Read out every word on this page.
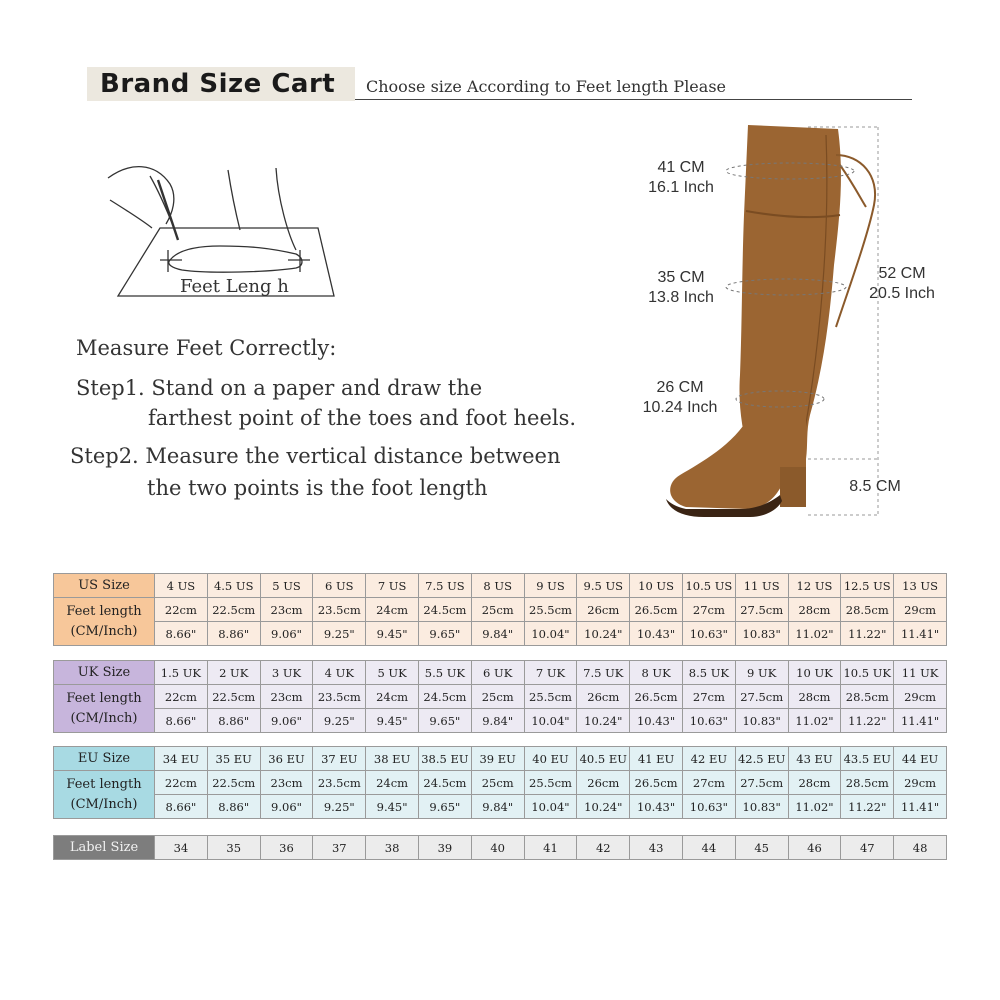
Brand Size Cart Choose size According to Feet length Please
Feet Leng h
Measure Feet Correctly:
Step1. Stand on a paper and draw the
farthest point of the toes and foot heels.
Step2. Measure the vertical distance between
the two points is the foot length
41 CM
16.1 Inch
35 CM
13.8 Inch
26 CM
10.24 Inch
52 CM
20.5 Inch
8.5 CM
US Size	4 US	4.5 US	5 US	6 US	7 US	7.5 US	8 US	9 US	9.5 US	10 US	10.5 US	11 US	12 US	12.5 US	13 US
Feet length
(CM/Inch)	22cm	22.5cm	23cm	23.5cm	24cm	24.5cm	25cm	25.5cm	26cm	26.5cm	27cm	27.5cm	28cm	28.5cm	29cm
	8.66"	8.86"	9.06"	9.25"	9.45"	9.65"	9.84"	10.04"	10.24"	10.43"	10.63"	10.83"	11.02"	11.22"	11.41"
UK Size	1.5 UK	2 UK	3 UK	4 UK	5 UK	5.5 UK	6 UK	7 UK	7.5 UK	8 UK	8.5 UK	9 UK	10 UK	10.5 UK	11 UK
Feet length
(CM/Inch)	22cm	22.5cm	23cm	23.5cm	24cm	24.5cm	25cm	25.5cm	26cm	26.5cm	27cm	27.5cm	28cm	28.5cm	29cm
	8.66"	8.86"	9.06"	9.25"	9.45"	9.65"	9.84"	10.04"	10.24"	10.43"	10.63"	10.83"	11.02"	11.22"	11.41"
EU Size	34 EU	35 EU	36 EU	37 EU	38 EU	38.5 EU	39 EU	40 EU	40.5 EU	41 EU	42 EU	42.5 EU	43 EU	43.5 EU	44 EU
Feet length
(CM/Inch)	22cm	22.5cm	23cm	23.5cm	24cm	24.5cm	25cm	25.5cm	26cm	26.5cm	27cm	27.5cm	28cm	28.5cm	29cm
	8.66"	8.86"	9.06"	9.25"	9.45"	9.65"	9.84"	10.04"	10.24"	10.43"	10.63"	10.83"	11.02"	11.22"	11.41"
Label Size	34	35	36	37	38	39	40	41	42	43	44	45	46	47	48
